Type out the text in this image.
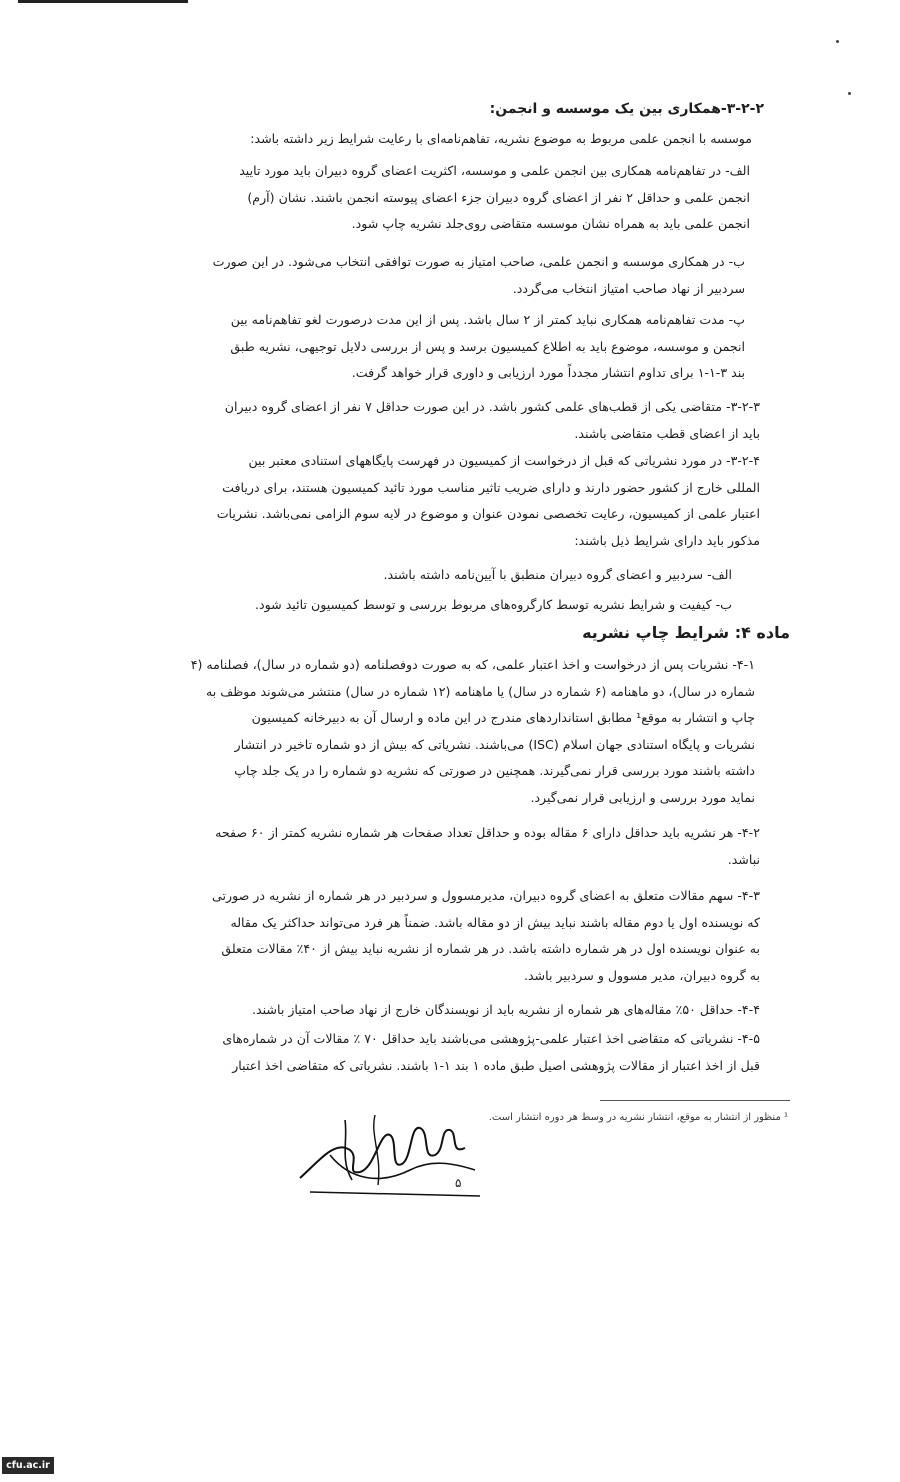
۳-۲-۲-همکاری بین یک موسسه و انجمن:
موسسه با انجمن علمی مربوط به موضوع نشریه، تفاهم‌نامه‌ای با رعایت شرایط زیر داشته باشد:
الف- در تفاهم‌نامه همکاری بین انجمن علمی و موسسه، اکثریت اعضای گروه دبیران باید مورد تایید
انجمن علمی و حداقل ۲ نفر از اعضای گروه دبیران جزء اعضای پیوسته انجمن باشند. نشان (آرم)
انجمن علمی باید به همراه نشان موسسه متقاضی روی‌جلد نشریه چاپ شود.
ب- در همکاری موسسه و انجمن علمی، صاحب امتیاز به صورت توافقی انتخاب می‌شود. در این صورت
سردبیر از نهاد صاحب امتیاز انتخاب می‌گردد.
پ- مدت تفاهم‌نامه همکاری نباید کمتر از ۲ سال باشد. پس از این مدت درصورت لغو تفاهم‌نامه بین
انجمن و موسسه، موضوع باید به اطلاع کمیسیون برسد و پس از بررسی دلایل توجیهی، نشریه طبق
بند ۳-۱-۱ برای تداوم انتشار مجدداً مورد ارزیابی و داوری قرار خواهد گرفت.
۳-۲-۳- متقاضی یکی از قطب‌های علمی کشور باشد. در این صورت حداقل ۷ نفر از اعضای گروه دبیران
باید از اعضای قطب متقاضی باشند.
۳-۲-۴- در مورد نشریاتی که قبل از درخواست از کمیسیون در فهرست پایگاههای استنادی معتبر بین
المللی خارج از کشور حضور دارند و دارای ضریب تاثیر مناسب مورد تائید کمیسیون هستند، برای دریافت
اعتبار علمی از کمیسیون، رعایت تخصصی نمودن عنوان و موضوع در لایه سوم الزامی نمی‌باشد. نشریات
مذکور باید دارای شرایط ذیل باشند:
الف- سردبیر و اعضای گروه دبیران منطبق با آیین‌نامه داشته باشند.
ب- کیفیت و شرایط نشریه توسط کارگروه‌های مربوط بررسی و توسط کمیسیون تائید شود.
ماده ۴: شرایط چاپ نشریه
۴-۱- نشریات پس از درخواست و اخذ اعتبار علمی، که به صورت دوفصلنامه (دو شماره در سال)، فصلنامه (۴
شماره در سال)، دو ماهنامه (۶ شماره در سال) یا ماهنامه (۱۲ شماره در سال) منتشر می‌شوند موظف به
چاپ و انتشار به موقع¹ مطابق استانداردهای مندرج در این ماده و ارسال آن به دبیرخانه کمیسیون
نشریات و پایگاه استنادی جهان اسلام (ISC) می‌باشند. نشریاتی که بیش از دو شماره تاخیر در انتشار
داشته باشند مورد بررسی قرار نمی‌گیرند. همچنین در صورتی که نشریه دو شماره را در یک جلد چاپ
نماید مورد بررسی و ارزیابی قرار نمی‌گیرد.
۴-۲- هر نشریه باید حداقل دارای ۶ مقاله بوده و حداقل تعداد صفحات هر شماره نشریه کمتر از ۶۰ صفحه
نباشد.
۴-۳- سهم مقالات متعلق به اعضای گروه دبیران، مدیرمسوول و سردبیر در هر شماره از نشریه در صورتی
که نویسنده اول یا دوم مقاله باشند نباید بیش از دو مقاله باشد. ضمناً هر فرد می‌تواند حداکثر یک مقاله
به عنوان نویسنده اول در هر شماره داشته باشد. در هر شماره از نشریه نباید بیش از ۴۰٪ مقالات متعلق
به گروه دبیران، مدیر مسوول و سردبیر باشد.
۴-۴- حداقل ۵۰٪ مقاله‌های هر شماره از نشریه باید از نویسندگان خارج از نهاد صاحب امتیاز باشند.
۴-۵- نشریاتی که متقاضی اخذ اعتبار علمی-پژوهشی می‌باشند باید حداقل ۷۰ ٪ مقالات آن در شماره‌های
قبل از اخذ اعتبار از مقالات پژوهشی اصیل طبق ماده ۱ بند ۱-۱ باشند. نشریاتی که متقاضی اخذ اعتبار
¹ منظور از انتشار به موقع، انتشار نشریه در وسط هر دوره انتشار است.
۵
cfu.ac.ir
